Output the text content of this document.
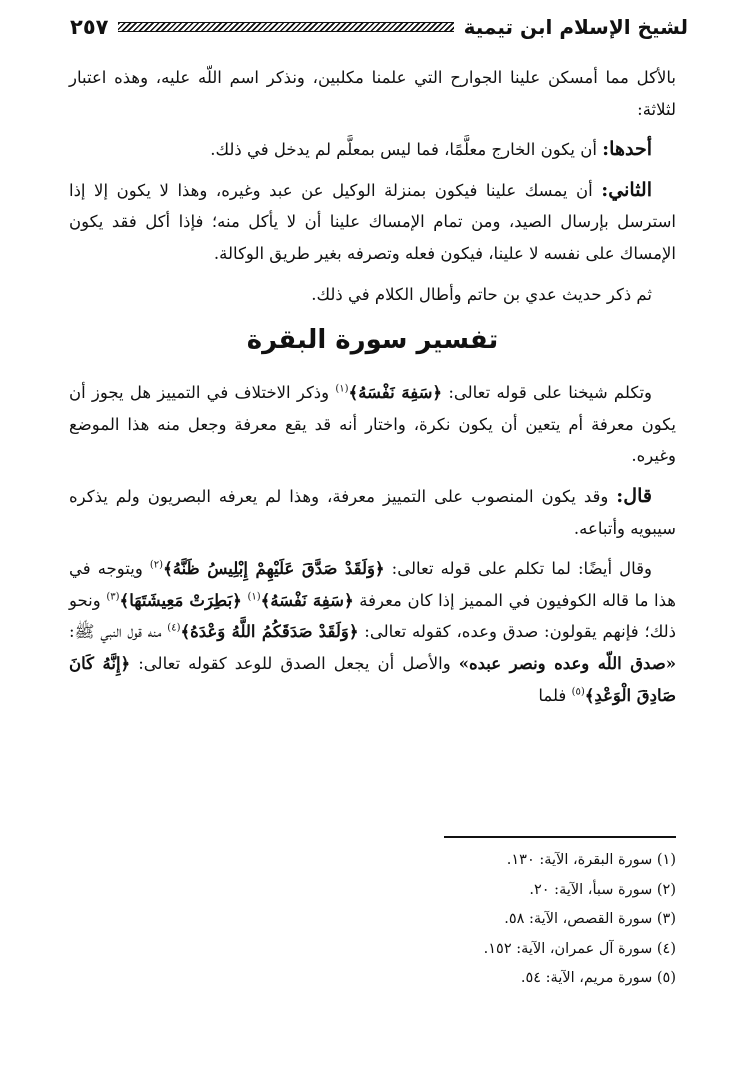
لشيخ الإسلام ابن تيمية
٢٥٧

بالأكل مما أمسكن علينا الجوارح التي علمنا مكلبين، ونذكر اسم اللّه عليه، وهذه اعتبار لثلاثة:

أحدها: أن يكون الخارج معلَّمًا، فما ليس بمعلَّم لم يدخل في ذلك.

الثاني: أن يمسك علينا فيكون بمنزلة الوكيل عن عبد وغيره، وهذا لا يكون إلا إذا استرسل بإرسال الصيد، ومن تمام الإمساك علينا أن لا يأكل منه؛ فإذا أكل فقد يكون الإمساك على نفسه لا علينا، فيكون فعله وتصرفه بغير طريق الوكالة.

ثم ذكر حديث عدي بن حاتم وأطال الكلام في ذلك.

تفسير سورة البقرة

وتكلم شيخنا على قوله تعالى: ﴿سَفِهَ نَفْسَهُ﴾$^{(١)}$ وذكر الاختلاف في التمييز هل يجوز أن يكون معرفة أم يتعين أن يكون نكرة، واختار أنه قد يقع معرفة وجعل منه هذا الموضع وغيره.

قال: وقد يكون المنصوب على التمييز معرفة، وهذا لم يعرفه البصريون ولم يذكره سيبويه وأتباعه.

وقال أيضًا: لما تكلم على قوله تعالى: ﴿وَلَقَدْ صَدَّقَ عَلَيْهِمْ إِبْلِيسُ ظَنَّهُ﴾$^{(٢)}$ ويتوجه في هذا ما قاله الكوفيون في المميز إذا كان معرفة ﴿سَفِهَ نَفْسَهُ﴾$^{(١)}$ ﴿بَطِرَتْ مَعِيشَتَهَا﴾$^{(٣)}$ ونحو ذلك؛ فإنهم يقولون: صدق وعده، كقوله تعالى: ﴿وَلَقَدْ صَدَقَكُمُ اللَّهُ وَعْدَهُ﴾$^{(٤)}$ منه قول النبي ﷺ: «صدق اللّه وعده ونصر عبده» والأصل أن يجعل الصدق للوعد كقوله تعالى: ﴿إِنَّهُ كَانَ صَادِقَ الْوَعْدِ﴾$^{(٥)}$ فلما

(١) سورة البقرة، الآية: ١٣٠.

(٢) سورة سبأ، الآية: ٢٠.

(٣) سورة القصص، الآية: ٥٨.

(٤) سورة آل عمران، الآية: ١٥٢.

(٥) سورة مريم، الآية: ٥٤.
